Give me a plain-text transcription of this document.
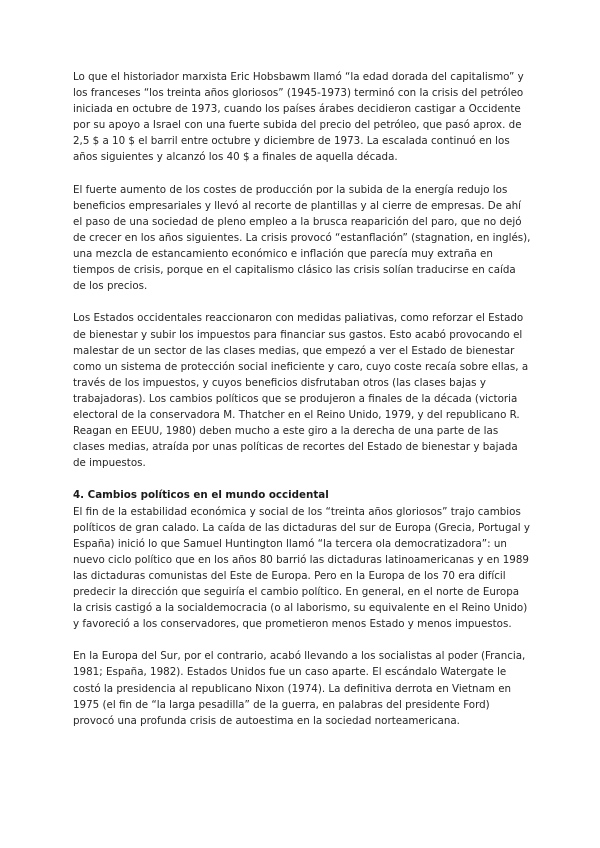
Lo que el historiador marxista Eric Hobsbawm llamó “la edad dorada del capitalismo” y los franceses “los treinta años gloriosos” (1945-1973) terminó con la crisis del petróleo iniciada en octubre de 1973, cuando los países árabes decidieron castigar a Occidente por su apoyo a Israel con una fuerte subida del precio del petróleo, que pasó aprox. de 2,5 $ a 10 $ el barril entre octubre y diciembre de 1973. La escalada continuó en los años siguientes y alcanzó los 40 $ a finales de aquella década.

El fuerte aumento de los costes de producción por la subida de la energía redujo los beneficios empresariales y llevó al recorte de plantillas y al cierre de empresas. De ahí el paso de una sociedad de pleno empleo a la brusca reaparición del paro, que no dejó de crecer en los años siguientes. La crisis provocó “estanflación” (stagnation, en inglés), una mezcla de estancamiento económico e inflación que parecía muy extraña en tiempos de crisis, porque en el capitalismo clásico las crisis solían traducirse en caída de los precios.

Los Estados occidentales reaccionaron con medidas paliativas, como reforzar el Estado de bienestar y subir los impuestos para financiar sus gastos. Esto acabó provocando el malestar de un sector de las clases medias, que empezó a ver el Estado de bienestar como un sistema de protección social ineficiente y caro, cuyo coste recaía sobre ellas, a través de los impuestos, y cuyos beneficios disfrutaban otros (las clases bajas y trabajadoras). Los cambios políticos que se produjeron a finales de la década (victoria electoral de la conservadora M. Thatcher en el Reino Unido, 1979, y del republicano R. Reagan en EEUU, 1980) deben mucho a este giro a la derecha de una parte de las clases medias, atraída por unas políticas de recortes del Estado de bienestar y bajada de impuestos.

4. Cambios políticos en el mundo occidental

El fin de la estabilidad económica y social de los “treinta años gloriosos” trajo cambios políticos de gran calado. La caída de las dictaduras del sur de Europa (Grecia, Portugal y España) inició lo que Samuel Huntington llamó “la tercera ola democratizadora”: un nuevo ciclo político que en los años 80 barrió las dictaduras latinoamericanas y en 1989 las dictaduras comunistas del Este de Europa. Pero en la Europa de los 70 era difícil predecir la dirección que seguiría el cambio político. En general, en el norte de Europa la crisis castigó a la socialdemocracia (o al laborismo, su equivalente en el Reino Unido) y favoreció a los conservadores, que prometieron menos Estado y menos impuestos.

En la Europa del Sur, por el contrario, acabó llevando a los socialistas al poder (Francia, 1981; España, 1982). Estados Unidos fue un caso aparte. El escándalo Watergate le costó la presidencia al republicano Nixon (1974). La definitiva derrota en Vietnam en 1975 (el fin de “la larga pesadilla” de la guerra, en palabras del presidente Ford) provocó una profunda crisis de autoestima en la sociedad norteamericana.
